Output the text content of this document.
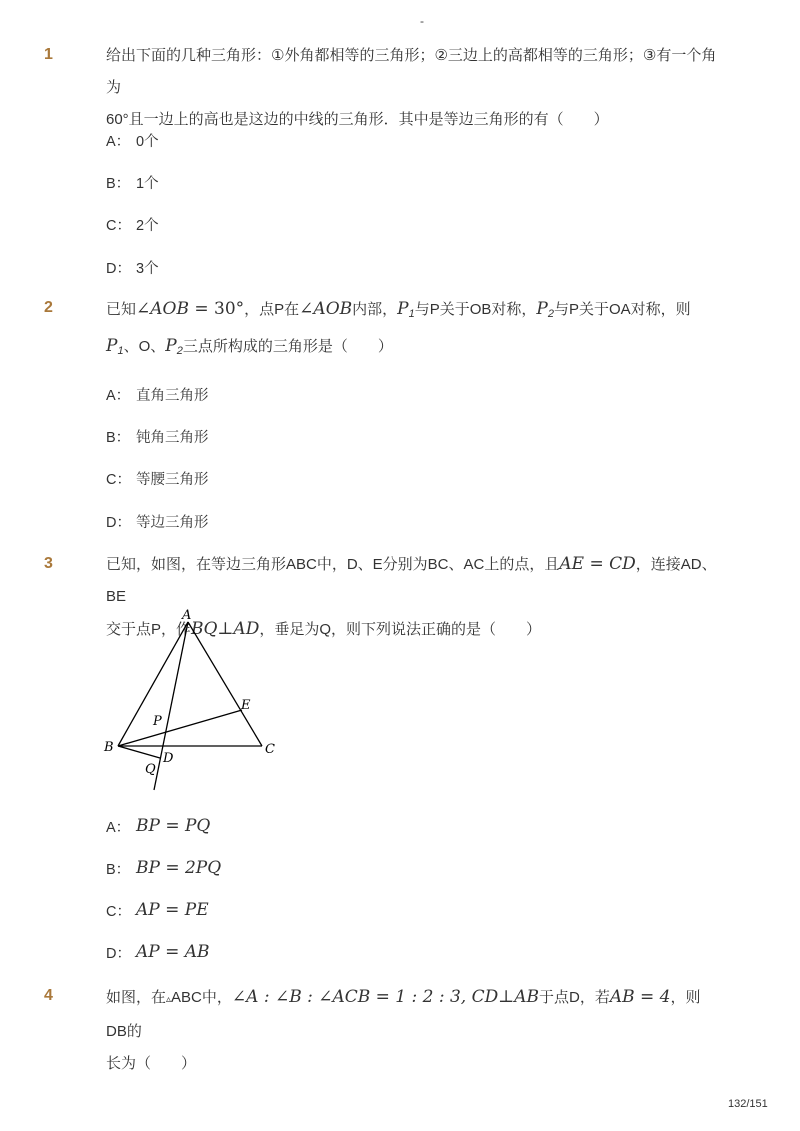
-
1	给出下面的几种三角形：①外角都相等的三角形；②三边上的高都相等的三角形；③有一个角为
60°且一边上的高也是这边的中线的三角形．其中是等边三角形的有（　　）
A： 0个
B： 1个
C： 2个
D： 3个
2	已知∠AOB = 30°，点P在∠AOB内部，$P_1$与P关于OB对称，$P_2$与P关于OA对称，则
$P_1$、O、$P_2$三点所构成的三角形是（　　）
A： 直角三角形
B： 钝角三角形
C： 等腰三角形
D： 等边三角形
3	已知，如图，在等边三角形ABC中，D、E分别为BC、AC上的点，且AE = CD，连接AD、BE
交于点P，作BQ⊥AD，垂足为Q，则下列说法正确的是（　　）
A
B	C
D
E
P
Q
A： BP = PQ
B： BP = 2PQ
C： AP = PE
D： AP = AB
4	如图，在▵ABC中，∠A : ∠B : ∠ACB = 1 : 2 : 3, CD⊥AB于点D，若AB = 4，则DB的
长为（　　）
132/151
